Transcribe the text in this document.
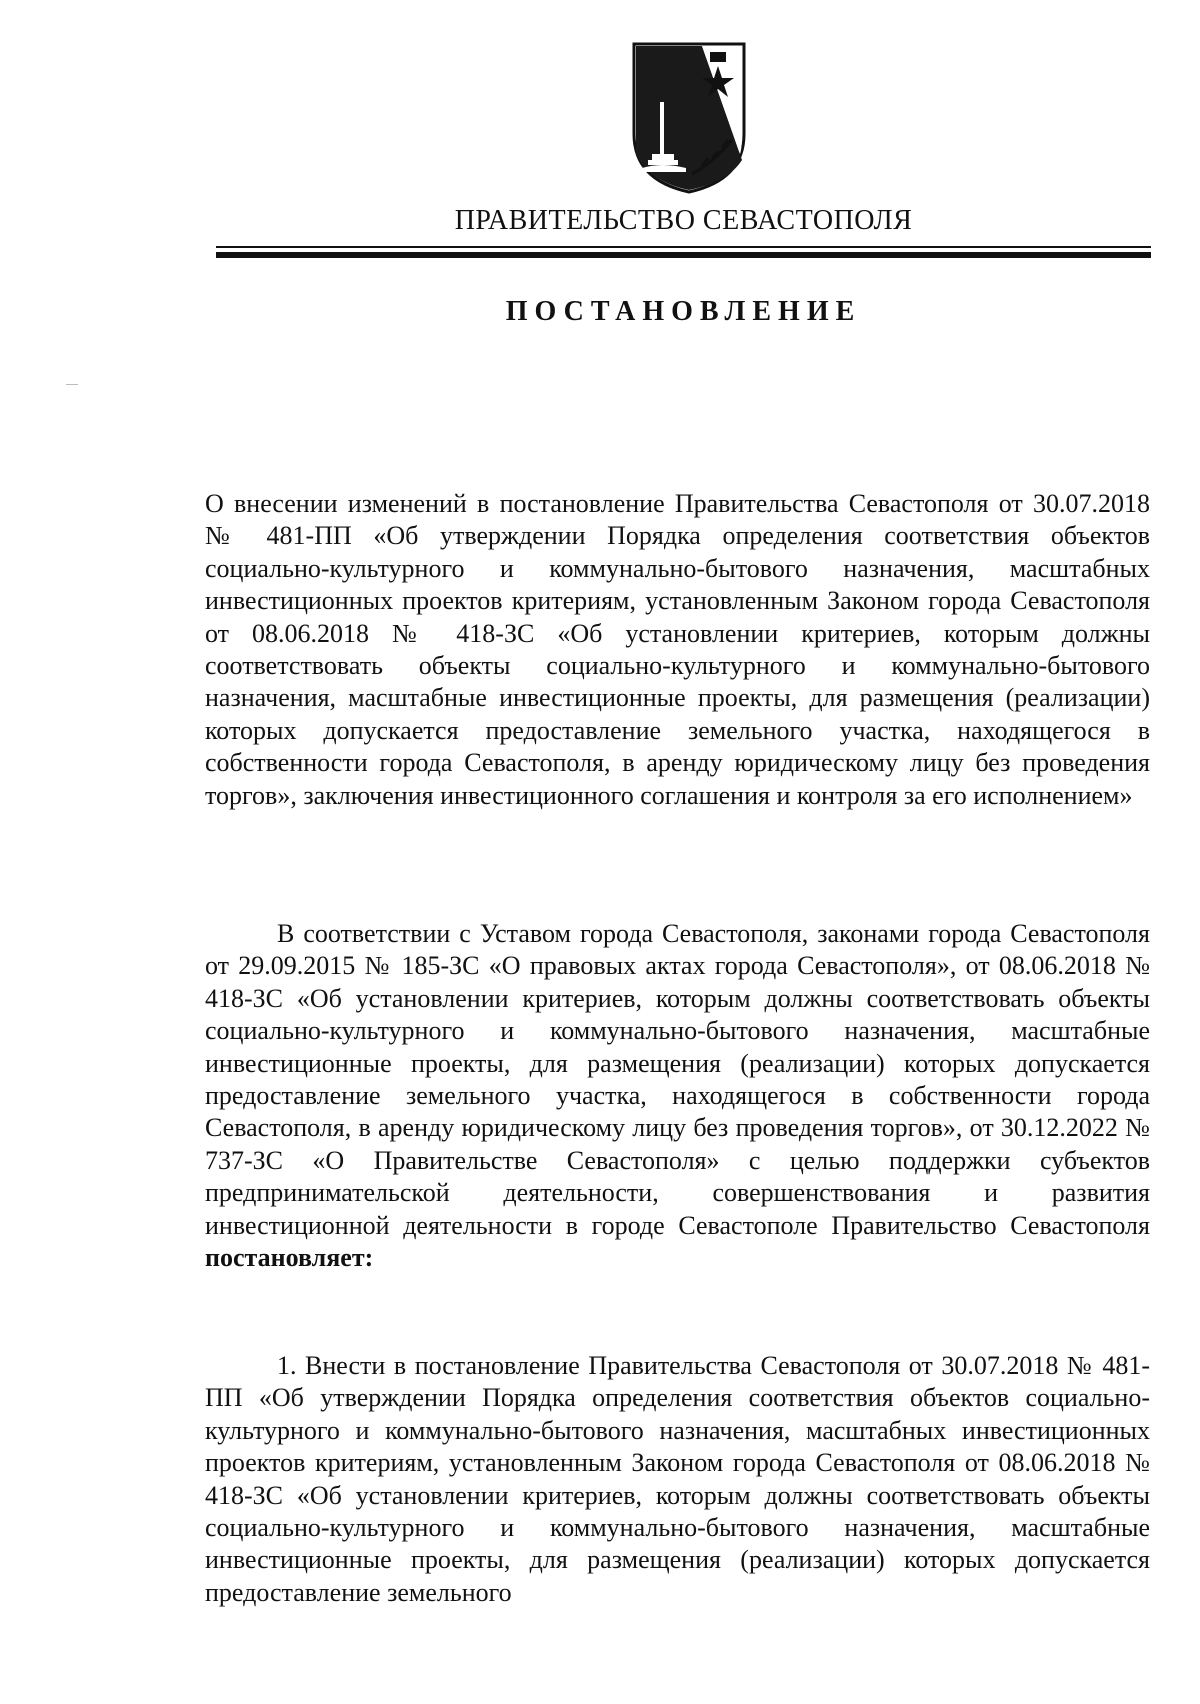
ПРАВИТЕЛЬСТВО СЕВАСТОПОЛЯ
ПОСТАНОВЛЕНИЕ

О внесении изменений в постановление Правительства Севастополя от 30.07.2018 № 481-ПП «Об утверждении Порядка определения соответствия объектов социально-культурного и коммунально-бытового назначения, масштабных инвестиционных проектов критериям, установленным Законом города Севастополя от 08.06.2018 № 418-ЗС «Об установлении критериев, которым должны соответствовать объекты социально-культурного и коммунально-бытового назначения, масштабные инвестиционные проекты, для размещения (реализации) которых допускается предоставление земельного участка, находящегося в собственности города Севастополя, в аренду юридическому лицу без проведения торгов», заключения инвестиционного соглашения и контроля за его исполнением»

В соответствии с Уставом города Севастополя, законами города Севастополя от 29.09.2015 № 185-ЗС «О правовых актах города Севастополя», от 08.06.2018 № 418-ЗС «Об установлении критериев, которым должны соответствовать объекты социально-культурного и коммунально-бытового назначения, масштабные инвестиционные проекты, для размещения (реализации) которых допускается предоставление земельного участка, находящегося в собственности города Севастополя, в аренду юридическому лицу без проведения торгов», от 30.12.2022 № 737-ЗС «О Правительстве Севастополя» с целью поддержки субъектов предпринимательской деятельности, совершенствования и развития инвестиционной деятельности в городе Севастополе Правительство Севастополя постановляет:

1. Внести в постановление Правительства Севастополя от 30.07.2018 № 481-ПП «Об утверждении Порядка определения соответствия объектов социально-культурного и коммунально-бытового назначения, масштабных инвестиционных проектов критериям, установленным Законом города Севастополя от 08.06.2018 № 418-ЗС «Об установлении критериев, которым должны соответствовать объекты социально-культурного и коммунально-бытового назначения, масштабные инвестиционные проекты, для размещения (реализации) которых допускается предоставление земельного
